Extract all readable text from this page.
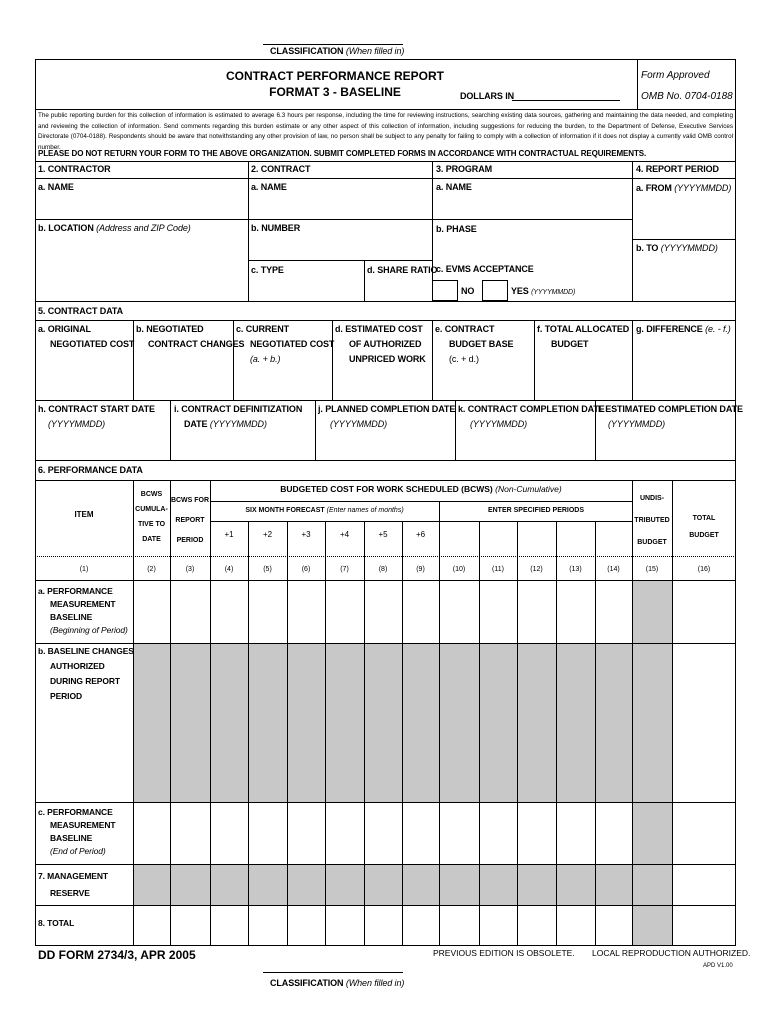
CLASSIFICATION (When filled in)
CONTRACT PERFORMANCE REPORT
FORMAT 3 - BASELINE	DOLLARS IN
Form Approved
OMB No. 0704-0188
The public reporting burden for this collection of information is estimated to average 6.3 hours per response, including the time for reviewing instructions, searching existing data sources, gathering and maintaining the data needed, and completing and reviewing the collection of information. Send comments regarding this burden estimate or any other aspect of this collection of information, including suggestions for reducing the burden, to the Department of Defense, Executive Services Directorate (0704-0188). Respondents should be aware that notwithstanding any other provision of law, no person shall be subject to any penalty for failing to comply with a collection of information if it does not display a currently valid OMB control number.
PLEASE DO NOT RETURN YOUR FORM TO THE ABOVE ORGANIZATION. SUBMIT COMPLETED FORMS IN ACCORDANCE WITH CONTRACTUAL REQUIREMENTS.
1. CONTRACTOR
a. NAME
b. LOCATION (Address and ZIP Code)
2. CONTRACT
a. NAME
b. NUMBER
c. TYPE	d. SHARE RATIO
3. PROGRAM
a. NAME
b. PHASE
c. EVMS ACCEPTANCE
NO	YES (YYYYMMDD)
4. REPORT PERIOD
a. FROM (YYYYMMDD)
b. TO (YYYYMMDD)
5. CONTRACT DATA
a. ORIGINAL
NEGOTIATED COST
b. NEGOTIATED
CONTRACT CHANGES
c. CURRENT
NEGOTIATED COST
(a. + b.)
d. ESTIMATED COST
OF AUTHORIZED
UNPRICED WORK
e. CONTRACT
BUDGET BASE
(c. + d.)
f. TOTAL ALLOCATED
BUDGET
g. DIFFERENCE (e. - f.)
h. CONTRACT START DATE
(YYYYMMDD)
i. CONTRACT DEFINITIZATION
DATE (YYYYMMDD)
j. PLANNED COMPLETION DATE
(YYYYMMDD)
k. CONTRACT COMPLETION DATE
(YYYYMMDD)
l. ESTIMATED COMPLETION DATE
(YYYYMMDD)
6. PERFORMANCE DATA
ITEM
BCWS
CUMULA-
TIVE TO
DATE
BCWS FOR
REPORT
PERIOD
BUDGETED COST FOR WORK SCHEDULED (BCWS) (Non-Cumulative)
SIX MONTH FORECAST (Enter names of months)	ENTER SPECIFIED PERIODS
UNDIS-
TRIBUTED
BUDGET
TOTAL
BUDGET
+1	+2	+3	+4	+5	+6
(1)	(2)	(3)	(4)	(5)	(6)	(7)	(8)	(9)	(10)	(11)	(12)	(13)	(14)	(15)	(16)
a. PERFORMANCE
MEASUREMENT
BASELINE
(Beginning of Period)
b. BASELINE CHANGES
AUTHORIZED
DURING REPORT
PERIOD
c. PERFORMANCE
MEASUREMENT
BASELINE
(End of Period)
7. MANAGEMENT
RESERVE
8. TOTAL
DD FORM 2734/3, APR 2005	PREVIOUS EDITION IS OBSOLETE. LOCAL REPRODUCTION AUTHORIZED.
APD V1.00
CLASSIFICATION (When filled in)
